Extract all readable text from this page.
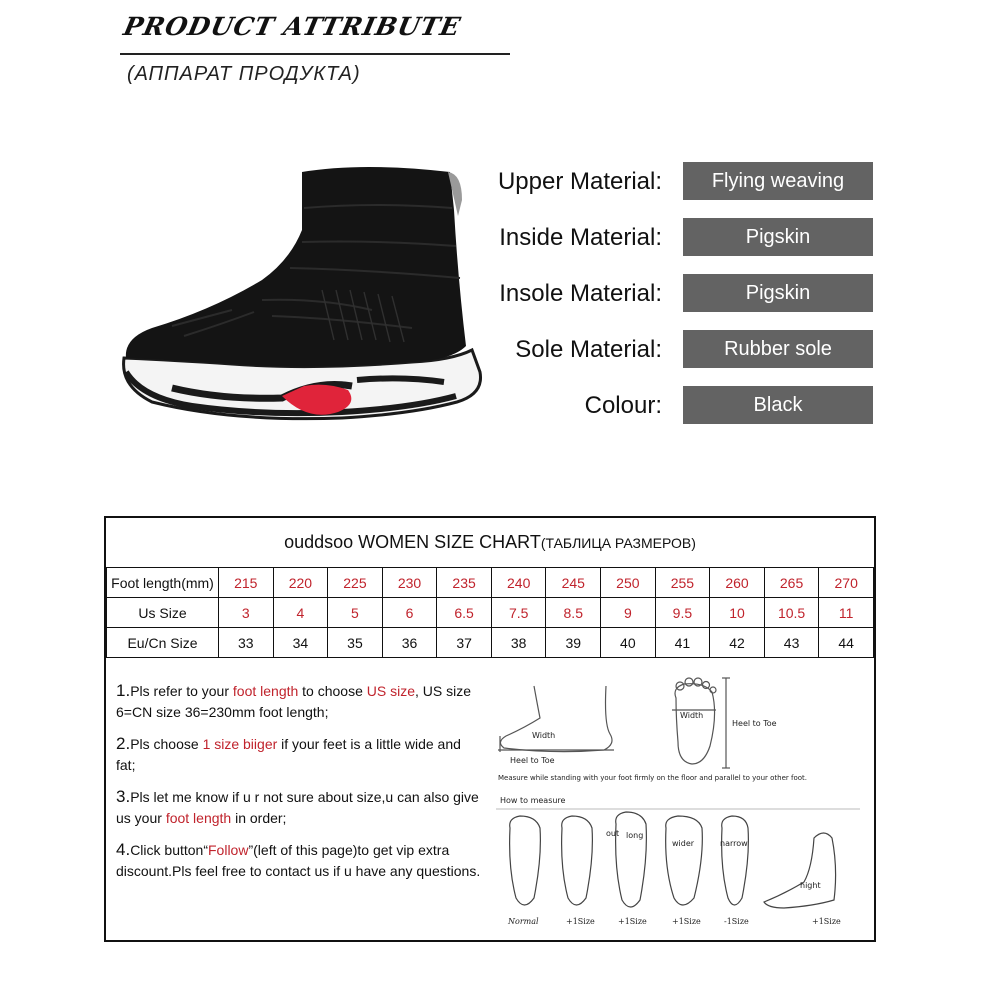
PRODUCT ATTRIBUTE
(АППАРАТ ПРОДУКТА)
Upper Material:	Flying weaving
Inside Material:	Pigskin
Insole Material:	Pigskin
Sole Material:	Rubber sole
Colour:	Black
ouddsoo WOMEN SIZE CHART(ТАБЛИЦА РАЗМЕРОВ)
Foot length(mm)	215	220	225	230	235	240	245	250	255	260	265	270
Us Size	3	4	5	6	6.5	7.5	8.5	9	9.5	10	10.5	11
Eu/Cn Size	33	34	35	36	37	38	39	40	41	42	43	44
1.Pls refer to your foot length to choose US size, US size 6=CN size 36=230mm foot length;
2.Pls choose 1 size biiger if your feet is a little wide and fat;
3.Pls let me know if u r not sure about size,u can also give us your foot length in order;
4.Click button“Follow”(left of this page)to get vip extra discount.Pls feel free to contact us if u have any questions.
Width
Heel to Toe
Width
Heel to Toe
Measure while standing with your foot firmly on the floor and parallel to your other foot.
How to measure
out long
wider	narrow
hight
Normal	+1Size	+1Size	+1Size	-1Size	+1Size
